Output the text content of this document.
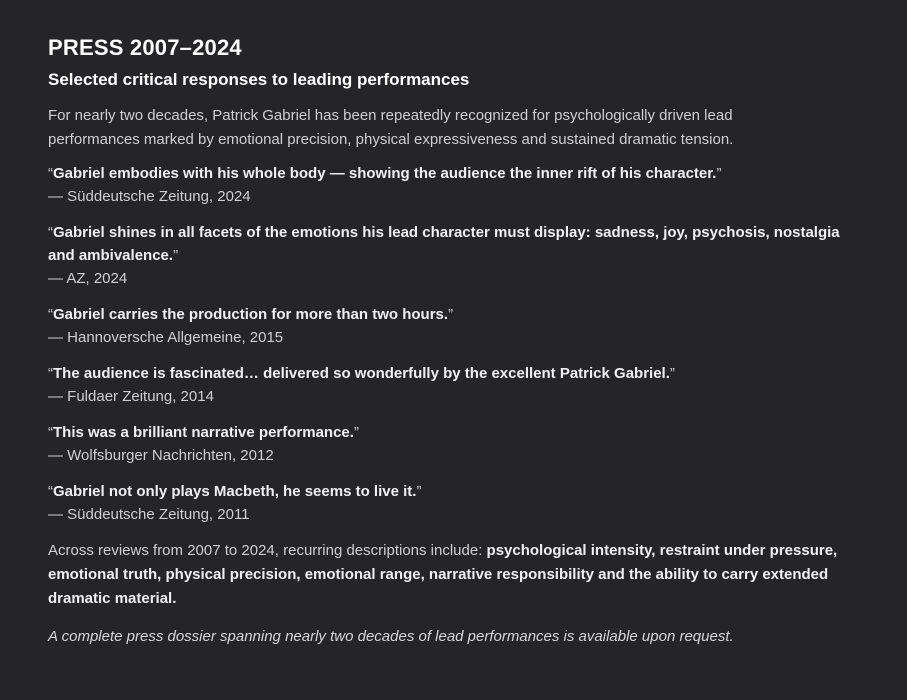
PRESS 2007–2024
Selected critical responses to leading performances

For nearly two decades, Patrick Gabriel has been repeatedly recognized for psychologically driven lead performances marked by emotional precision, physical expressiveness and sustained dramatic tension.

“Gabriel embodies with his whole body — showing the audience the inner rift of his character.”
— Süddeutsche Zeitung, 2024
“Gabriel shines in all facets of the emotions his lead character must display: sadness, joy, psychosis, nostalgia and ambivalence.”
— AZ, 2024
“Gabriel carries the production for more than two hours.”
— Hannoversche Allgemeine, 2015
“The audience is fascinated… delivered so wonderfully by the excellent Patrick Gabriel.”
— Fuldaer Zeitung, 2014
“This was a brilliant narrative performance.”
— Wolfsburger Nachrichten, 2012
“Gabriel not only plays Macbeth, he seems to live it.”
— Süddeutsche Zeitung, 2011

Across reviews from 2007 to 2024, recurring descriptions include: psychological intensity, restraint under pressure, emotional truth, physical precision, emotional range, narrative responsibility and the ability to carry extended dramatic material.

A complete press dossier spanning nearly two decades of lead performances is available upon request.
